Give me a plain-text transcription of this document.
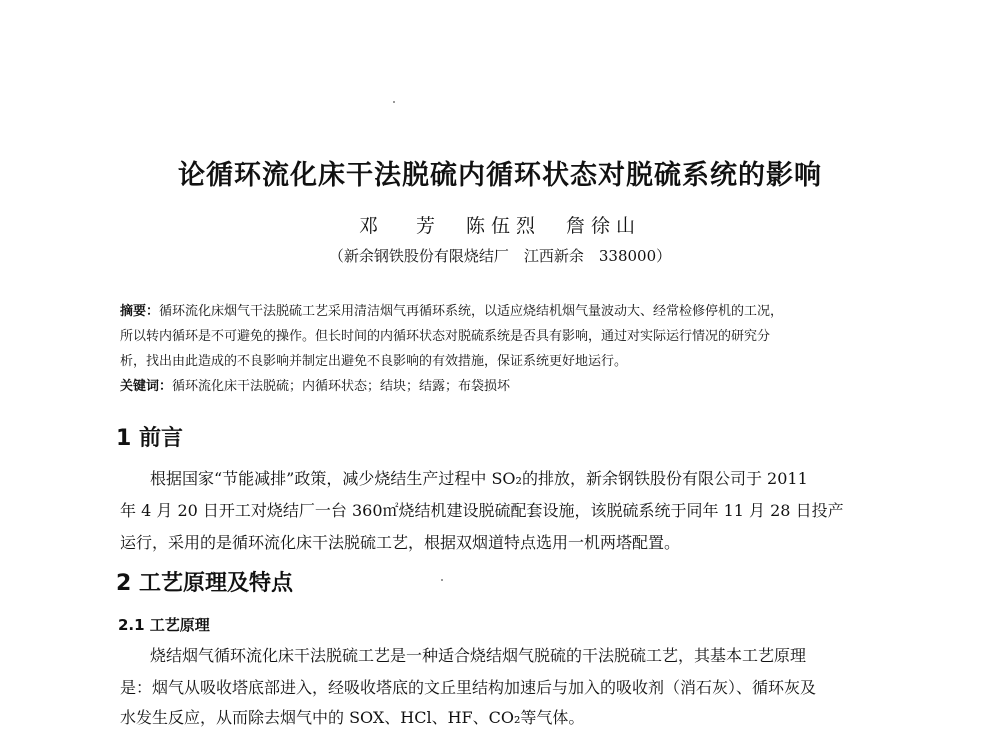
论循环流化床干法脱硫内循环状态对脱硫系统的影响
邓 芳　陈伍烈　詹徐山
（新余钢铁股份有限烧结厂　江西新余　338000）
摘要：循环流化床烟气干法脱硫工艺采用清洁烟气再循环系统，以适应烧结机烟气量波动大、经常检修停机的工况，
所以转内循环是不可避免的操作。但长时间的内循环状态对脱硫系统是否具有影响，通过对实际运行情况的研究分
析，找出由此造成的不良影响并制定出避免不良影响的有效措施，保证系统更好地运行。
关键词：循环流化床干法脱硫；内循环状态；结块；结露；布袋损坏
1 前言
根据国家“节能减排”政策，减少烧结生产过程中 SO₂的排放，新余钢铁股份有限公司于 2011
年 4 月 20 日开工对烧结厂一台 360㎡烧结机建设脱硫配套设施，该脱硫系统于同年 11 月 28 日投产
运行，采用的是循环流化床干法脱硫工艺，根据双烟道特点选用一机两塔配置。
2 工艺原理及特点
2.1 工艺原理
烧结烟气循环流化床干法脱硫工艺是一种适合烧结烟气脱硫的干法脱硫工艺，其基本工艺原理
是：烟气从吸收塔底部进入，经吸收塔底的文丘里结构加速后与加入的吸收剂（消石灰）、循环灰及
水发生反应，从而除去烟气中的 SOX、HCl、HF、CO₂等气体。
